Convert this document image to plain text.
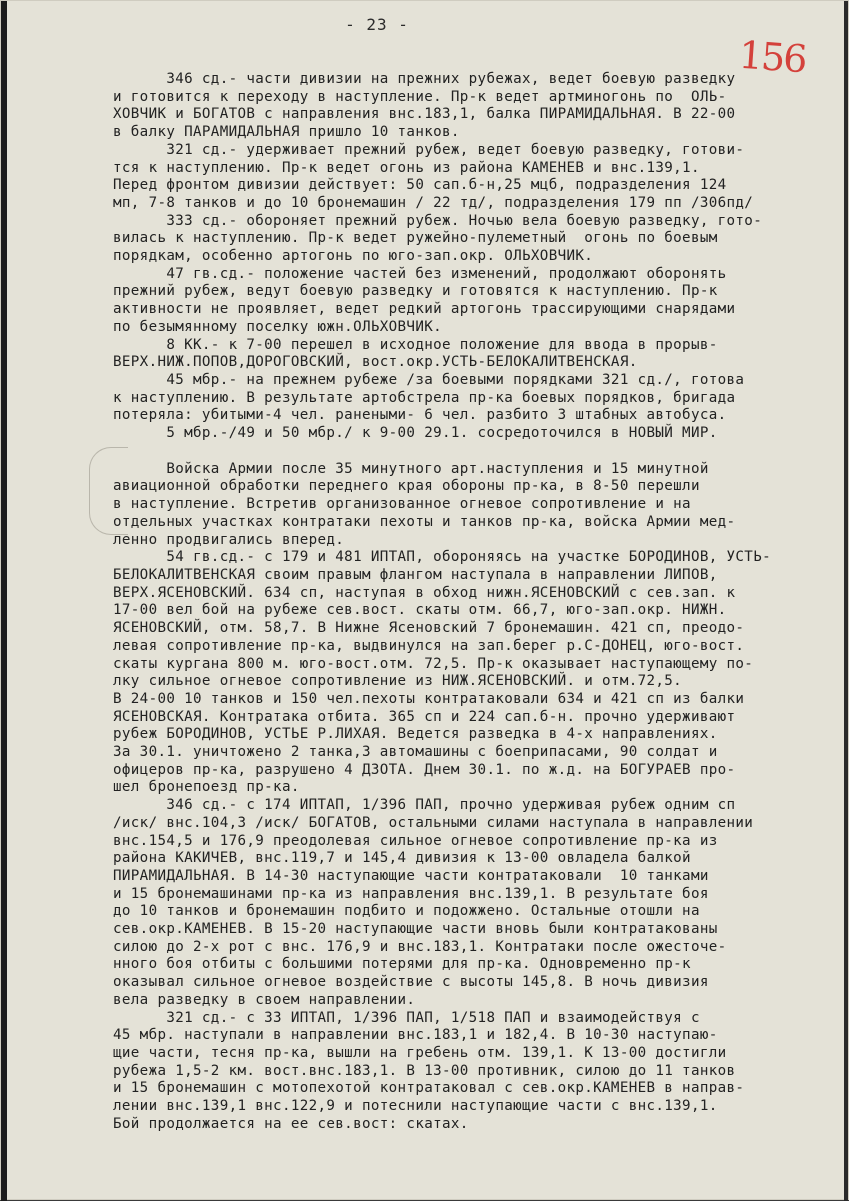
- 23 -
156
346 сд.- части дивизии на прежних рубежах, ведет боевую разведку
и готовится к переходу в наступление. Пр-к ведет артминогонь по  ОЛЬ-
ХОВЧИК и БОГАТОВ с направления внс.183,1, балка ПИРАМИДАЛЬНАЯ. В 22-00
в балку ПАРАМИДАЛЬНАЯ пришло 10 танков.
321 сд.- удерживает прежний рубеж, ведет боевую разведку, готови-
тся к наступлению. Пр-к ведет огонь из района КАМЕНЕВ и внс.139,1.
Перед фронтом дивизии действует: 50 сап.б-н,25 мцб, подразделения 124
мп, 7-8 танков и до 10 бронемашин / 22 тд/, подразделения 179 пп /306пд/
333 сд.- обороняет прежний рубеж. Ночью вела боевую разведку, гото-
вилась к наступлению. Пр-к ведет ружейно-пулеметный  огонь по боевым
порядкам, особенно артогонь по юго-зап.окр. ОЛЬХОВЧИК.
47 гв.сд.- положение частей без изменений, продолжают оборонять
прежний рубеж, ведут боевую разведку и готовятся к наступлению. Пр-к
активности не проявляет, ведет редкий артогонь трассирующими снарядами
по безымянному поселку южн.ОЛЬХОВЧИК.
8 КК.- к 7-00 перешел в исходное положение для ввода в прорыв-
ВЕРХ.НИЖ.ПОПОВ,ДОРОГОВСКИЙ, вост.окр.УСТЬ-БЕЛОКАЛИТВЕНСКАЯ.
45 мбр.- на прежнем рубеже /за боевыми порядками 321 сд./, готова
к наступлению. В результате артобстрела пр-ка боевых порядков, бригада
потеряла: убитыми-4 чел. ранеными- 6 чел. разбито 3 штабных автобуса.
5 мбр.-/49 и 50 мбр./ к 9-00 29.1. сосредоточился в НОВЫЙ МИР.
Войска Армии после 35 минутного арт.наступления и 15 минутной
авиационной обработки переднего края обороны пр-ка, в 8-50 перешли
в наступление. Встретив организованное огневое сопротивление и на
отдельных участках контратаки пехоты и танков пр-ка, войска Армии мед-
ленно продвигались вперед.
54 гв.сд.- с 179 и 481 ИПТАП, обороняясь на участке БОРОДИНОВ, УСТЬ-
БЕЛОКАЛИТВЕНСКАЯ своим правым флангом наступала в направлении ЛИПОВ,
ВЕРХ.ЯСЕНОВСКИЙ. 634 сп, наступая в обход нижн.ЯСЕНОВСКИЙ с сев.зап. к
17-00 вел бой на рубеже сев.вост. скаты отм. 66,7, юго-зап.окр. НИЖН.
ЯСЕНОВСКИЙ, отм. 58,7. В Нижне Ясеновский 7 бронемашин. 421 сп, преодо-
левая сопротивление пр-ка, выдвинулся на зап.берег р.С-ДОНЕЦ, юго-вост.
скаты кургана 800 м. юго-вост.отм. 72,5. Пр-к оказывает наступающему по-
лку сильное огневое сопротивление из НИЖ.ЯСЕНОВСКИЙ. и отм.72,5.
В 24-00 10 танков и 150 чел.пехоты контратаковали 634 и 421 сп из балки
ЯСЕНОВСКАЯ. Контратака отбита. 365 сп и 224 сап.б-н. прочно удерживают
рубеж БОРОДИНОВ, УСТЬЕ Р.ЛИХАЯ. Ведется разведка в 4-х направлениях.
За 30.1. уничтожено 2 танка,3 автомашины с боеприпасами, 90 солдат и
офицеров пр-ка, разрушено 4 ДЗОТА. Днем 30.1. по ж.д. на БОГУРАЕВ про-
шел бронепоезд пр-ка.
346 сд.- с 174 ИПТАП, 1/396 ПАП, прочно удерживая рубеж одним сп
/иск/ внс.104,3 /иск/ БОГАТОВ, остальными силами наступала в направлении
внс.154,5 и 176,9 преодолевая сильное огневое сопротивление пр-ка из
района КАКИЧЕВ, внс.119,7 и 145,4 дивизия к 13-00 овладела балкой
ПИРАМИДАЛЬНАЯ. В 14-30 наступающие части контратаковали  10 танками
и 15 бронемашинами пр-ка из направления внс.139,1. В результате боя
до 10 танков и бронемашин подбито и подожжено. Остальные отошли на
сев.окр.КАМЕНЕВ. В 15-20 наступающие части вновь были контратакованы
силою до 2-х рот с внс. 176,9 и внс.183,1. Контратаки после ожесточе-
нного боя отбиты с большими потерями для пр-ка. Одновременно пр-к
оказывал сильное огневое воздействие с высоты 145,8. В ночь дивизия
вела разведку в своем направлении.
321 сд.- с 33 ИПТАП, 1/396 ПАП, 1/518 ПАП и взаимодействуя с
45 мбр. наступали в направлении внс.183,1 и 182,4. В 10-30 наступаю-
щие части, тесня пр-ка, вышли на гребень отм. 139,1. К 13-00 достигли
рубежа 1,5-2 км. вост.внс.183,1. В 13-00 противник, силою до 11 танков
и 15 бронемашин с мотопехотой контратаковал с сев.окр.КАМЕНЕВ в направ-
лении внс.139,1 внс.122,9 и потеснили наступающие части с внс.139,1.
Бой продолжается на ее сев.вост: скатах.
